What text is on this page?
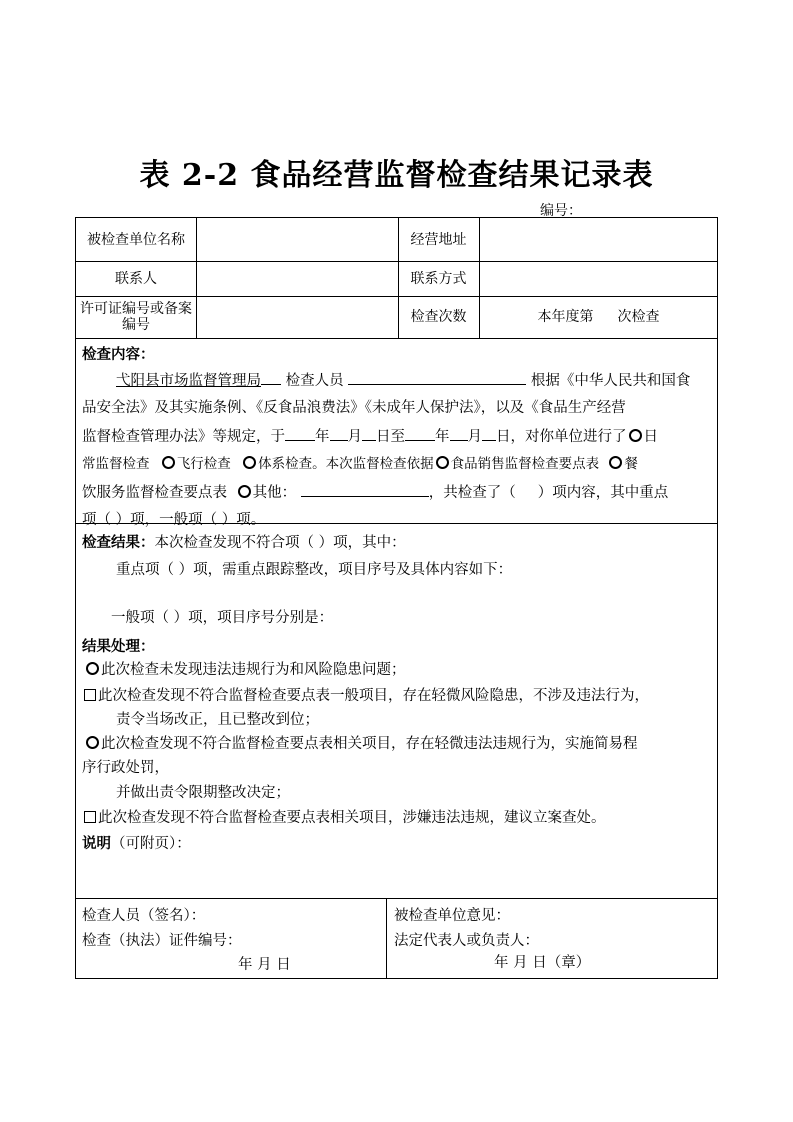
表 2-2 食品经营监督检查结果记录表
编号：
被检查单位名称	经营地址
联系人	联系方式
许可证编号或备案编号	检查次数	本年度第 次检查
检查内容：
弋阳县市场监督管理局 检查人员	根据《中华人民共和国食
品安全法》及其实施条例、《反食品浪费法》《未成年人保护法》，以及《食品生产经营
监督检查管理办法》等规定，于 年 月 日至 年 月 日，对你单位进行了 日
常监督检查 飞行检查 体系检查。本次监督检查依据 食品销售监督检查要点表 餐
饮服务监督检查要点表 其他：	，共检查了（ ）项内容，其中重点
项（ ）项，一般项（ ）项。
检查结果：本次检查发现不符合项（ ）项，其中：
重点项（ ）项，需重点跟踪整改，项目序号及具体内容如下：
一般项（ ）项，项目序号分别是：
结果处理：
此次检查未发现违法违规行为和风险隐患问题；
此次检查发现不符合监督检查要点表一般项目，存在轻微风险隐患，不涉及违法行为，
责令当场改正，且已整改到位；
此次检查发现不符合监督检查要点表相关项目，存在轻微违法违规行为，实施简易程
序行政处罚，
并做出责令限期整改决定；
此次检查发现不符合监督检查要点表相关项目，涉嫌违法违规，建议立案查处。
说明（可附页）：
检查人员（签名）：
检查（执法）证件编号：
年 月 日
被检查单位意见：
法定代表人或负责人：
年 月 日（章）
